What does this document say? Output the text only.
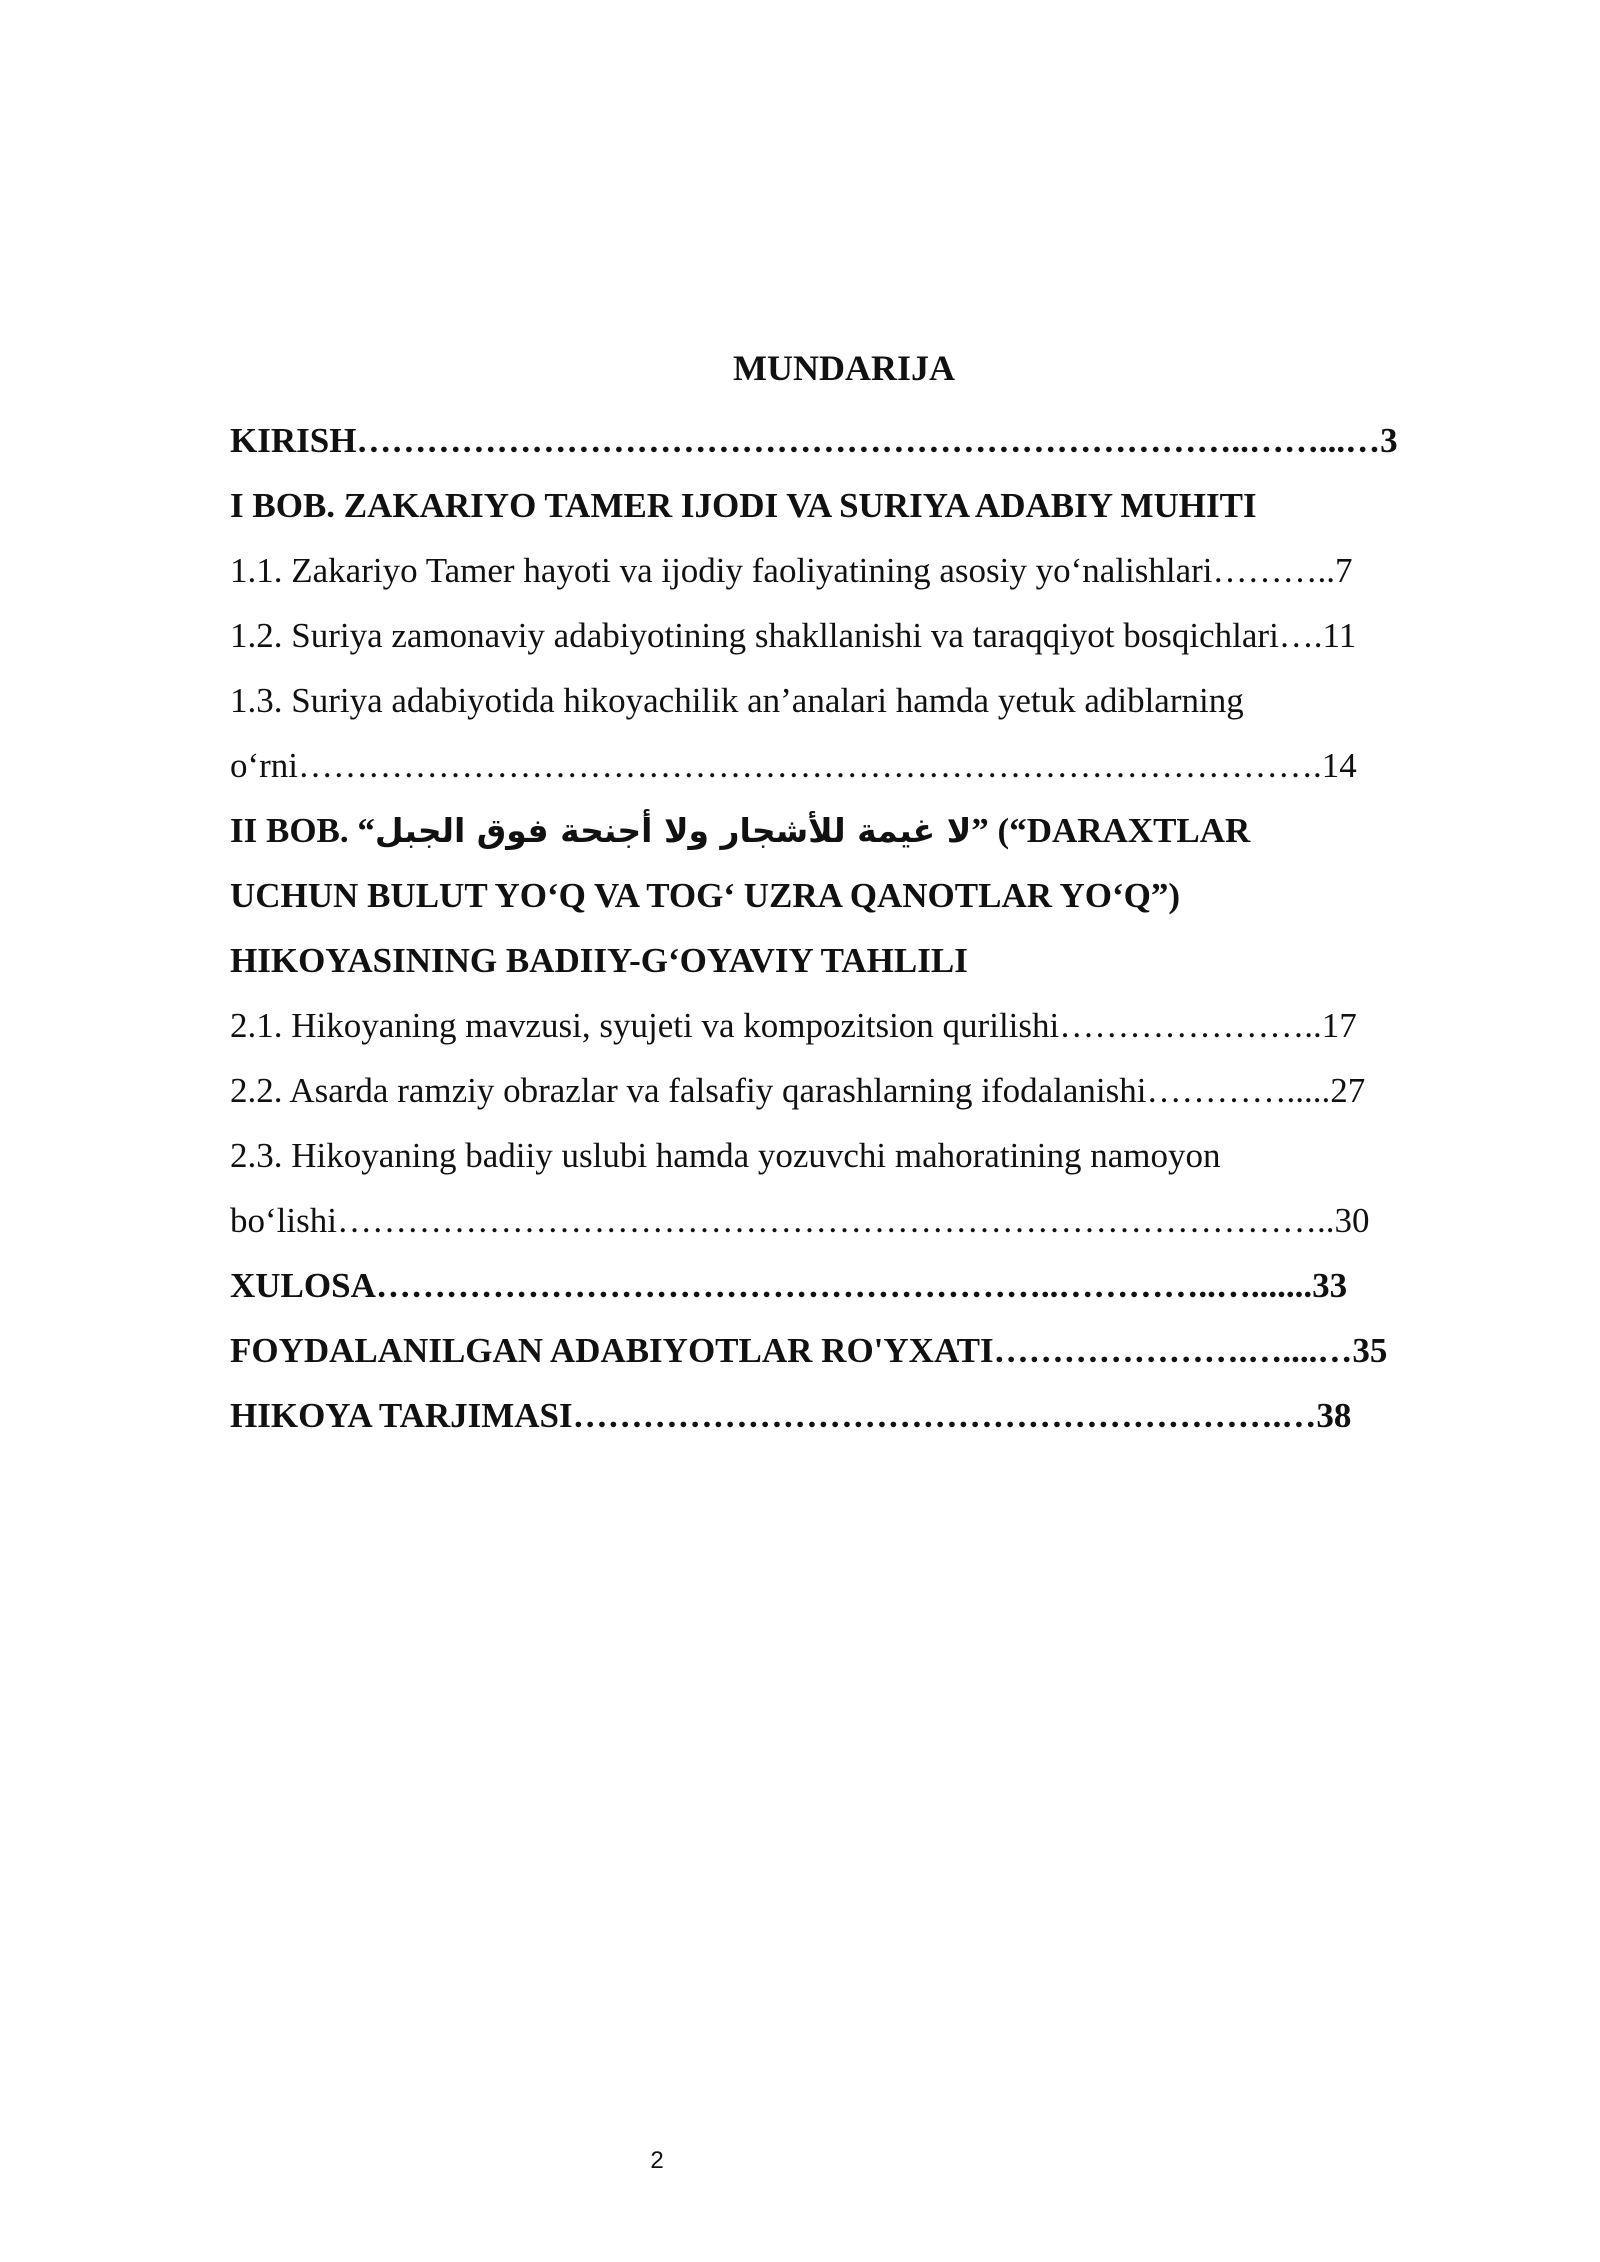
MUNDARIJA
KIRISH…………………………………………………………………..……...…3
I BOB. ZAKARIYO TAMER IJODI VA SURIYA ADABIY MUHITI
1.1. Zakariyo Tamer hayoti va ijodiy faoliyatining asosiy yo‘nalishlari………..7
1.2. Suriya zamonaviy adabiyotining shakllanishi va taraqqiyot bosqichlari….11
1.3. Suriya adabiyotida hikoyachilik an’analari hamda yetuk adiblarning
o‘rni…………………………………………………………………………….14
II BOB. “لا غيمة للأشجار ولا أجنحة فوق الجبل” (“DARAXTLAR
UCHUN BULUT YO‘Q VA TOG‘ UZRA QANOTLAR YO‘Q”)
HIKOYASINING BADIIY-G‘OYAVIY TAHLILI
2.1. Hikoyaning mavzusi, syujeti va kompozitsion qurilishi…………………..17
2.2. Asarda ramziy obrazlar va falsafiy qarashlarning ifodalanishi………….....27
2.3. Hikoyaning badiiy uslubi hamda yozuvchi mahoratining namoyon
bo‘lishi…………………………………………………………………………..30
XULOSA…………………………………………………..…………..….......33
FOYDALANILGAN ADABIYOTLAR RO'YXATI………………….…....…35
HIKOYA TARJIMASI…………………………………………………….…38
2
